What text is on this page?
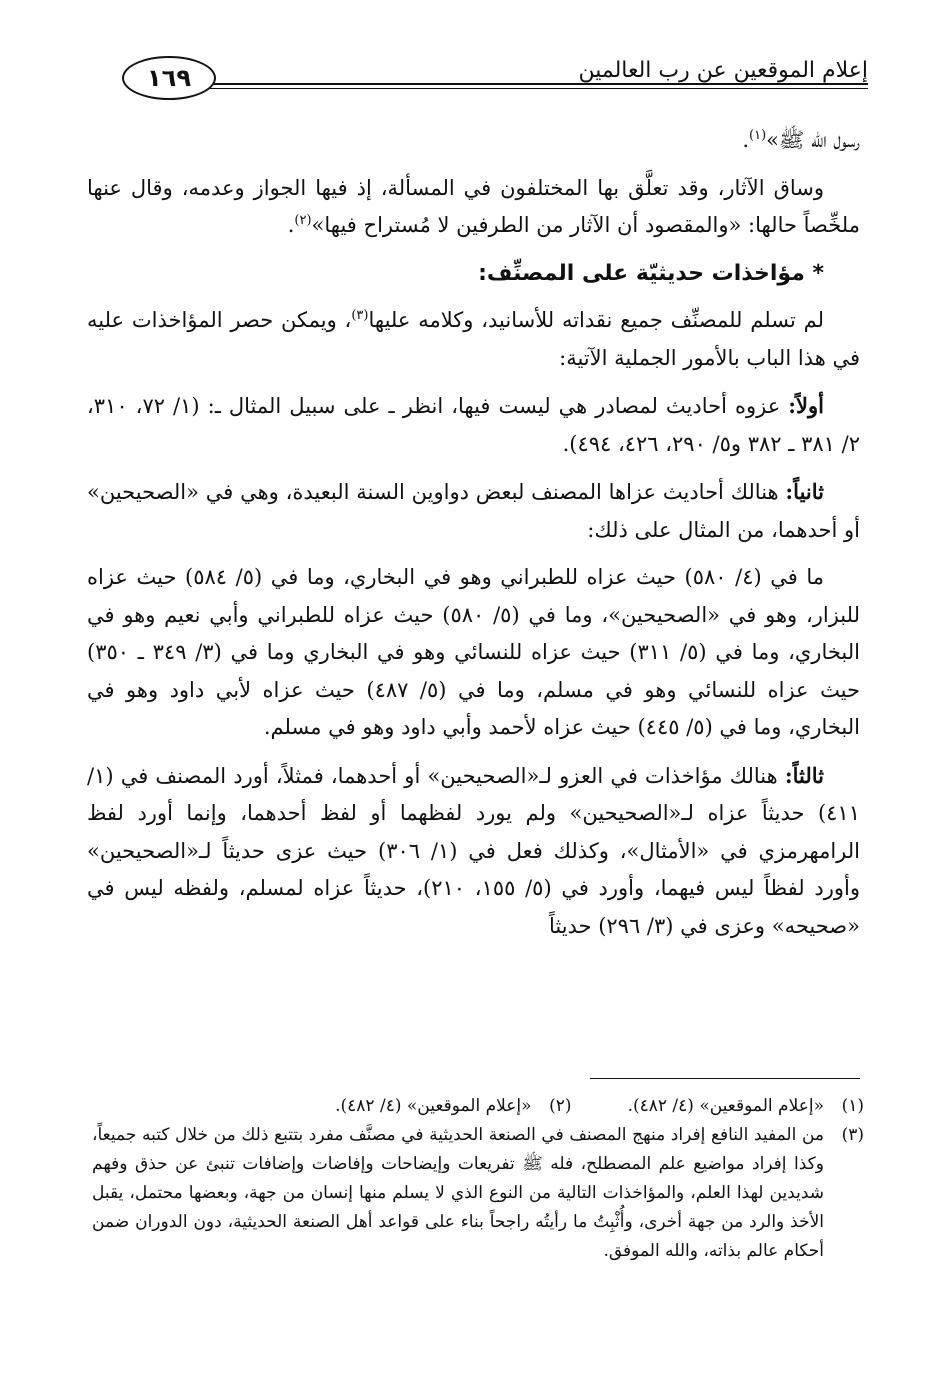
إعلام الموقعين عن رب العالمين
١٦٩

رسول الله ﷺ»$^{(١)}$.

وساق الآثار، وقد تعلَّق بها المختلفون في المسألة، إذ فيها الجواز وعدمه، وقال عنها ملخِّصاً حالها: «والمقصود أن الآثار من الطرفين لا مُستراح فيها»$^{(٢)}$.

* مؤاخذات حديثيّة على المصنِّف:

لم تسلم للمصنِّف جميع نقداته للأسانيد، وكلامه عليها$^{(٣)}$، ويمكن حصر المؤاخذات عليه في هذا الباب بالأمور الجملية الآتية:

أولاً: عزوه أحاديث لمصادر هي ليست فيها، انظر ـ على سبيل المثال ـ: (١/ ٧٢، ٣١٠، ٢/ ٣٨١ ـ ٣٨٢ و٥/ ٢٩٠، ٤٢٦، ٤٩٤).

ثانياً: هنالك أحاديث عزاها المصنف لبعض دواوين السنة البعيدة، وهي في «الصحيحين» أو أحدهما، من المثال على ذلك:

ما في (٤/ ٥٨٠) حيث عزاه للطبراني وهو في البخاري، وما في (٥/ ٥٨٤) حيث عزاه للبزار، وهو في «الصحيحين»، وما في (٥/ ٥٨٠) حيث عزاه للطبراني وأبي نعيم وهو في البخاري، وما في (٥/ ٣١١) حيث عزاه للنسائي وهو في البخاري وما في (٣/ ٣٤٩ ـ ٣٥٠) حيث عزاه للنسائي وهو في مسلم، وما في (٥/ ٤٨٧) حيث عزاه لأبي داود وهو في البخاري، وما في (٥/ ٤٤٥) حيث عزاه لأحمد وأبي داود وهو في مسلم.

ثالثاً: هنالك مؤاخذات في العزو لـ«الصحيحين» أو أحدهما، فمثلاً، أورد المصنف في (١/ ٤١١) حديثاً عزاه لـ«الصحيحين» ولم يورد لفظهما أو لفظ أحدهما، وإنما أورد لفظ الرامهرمزي في «الأمثال»، وكذلك فعل في (١/ ٣٠٦) حيث عزى حديثاً لـ«الصحيحين» وأورد لفظاً ليس فيهما، وأورد في (٥/ ١٥٥، ٢١٠)، حديثاً عزاه لمسلم، ولفظه ليس في «صحيحه» وعزى في (٣/ ٢٩٦) حديثاً

(١)
«إعلام الموقعين» (٤/ ٤٨٢).
(٢)
«إعلام الموقعين» (٤/ ٤٨٢).
(٣)
من المفيد النافع إفراد منهج المصنف في الصنعة الحديثية في مصنَّف مفرد بتتبع ذلك من خلال كتبه جميعاً، وكذا إفراد مواضيع علم المصطلح، فله ﷺ تفريعات وإيضاحات وإفاضات وإضافات تنبئ عن حذق وفهم شديدين لهذا العلم، والمؤاخذات التالية من النوع الذي لا يسلم منها إنسان من جهة، وبعضها محتمل، يقبل الأخذ والرد من جهة أخرى، وأُثْبِتُ ما رأيتُه راجحاً بناء على قواعد أهل الصنعة الحديثية، دون الدوران ضمن أحكام عالم بذاته، والله الموفق.
